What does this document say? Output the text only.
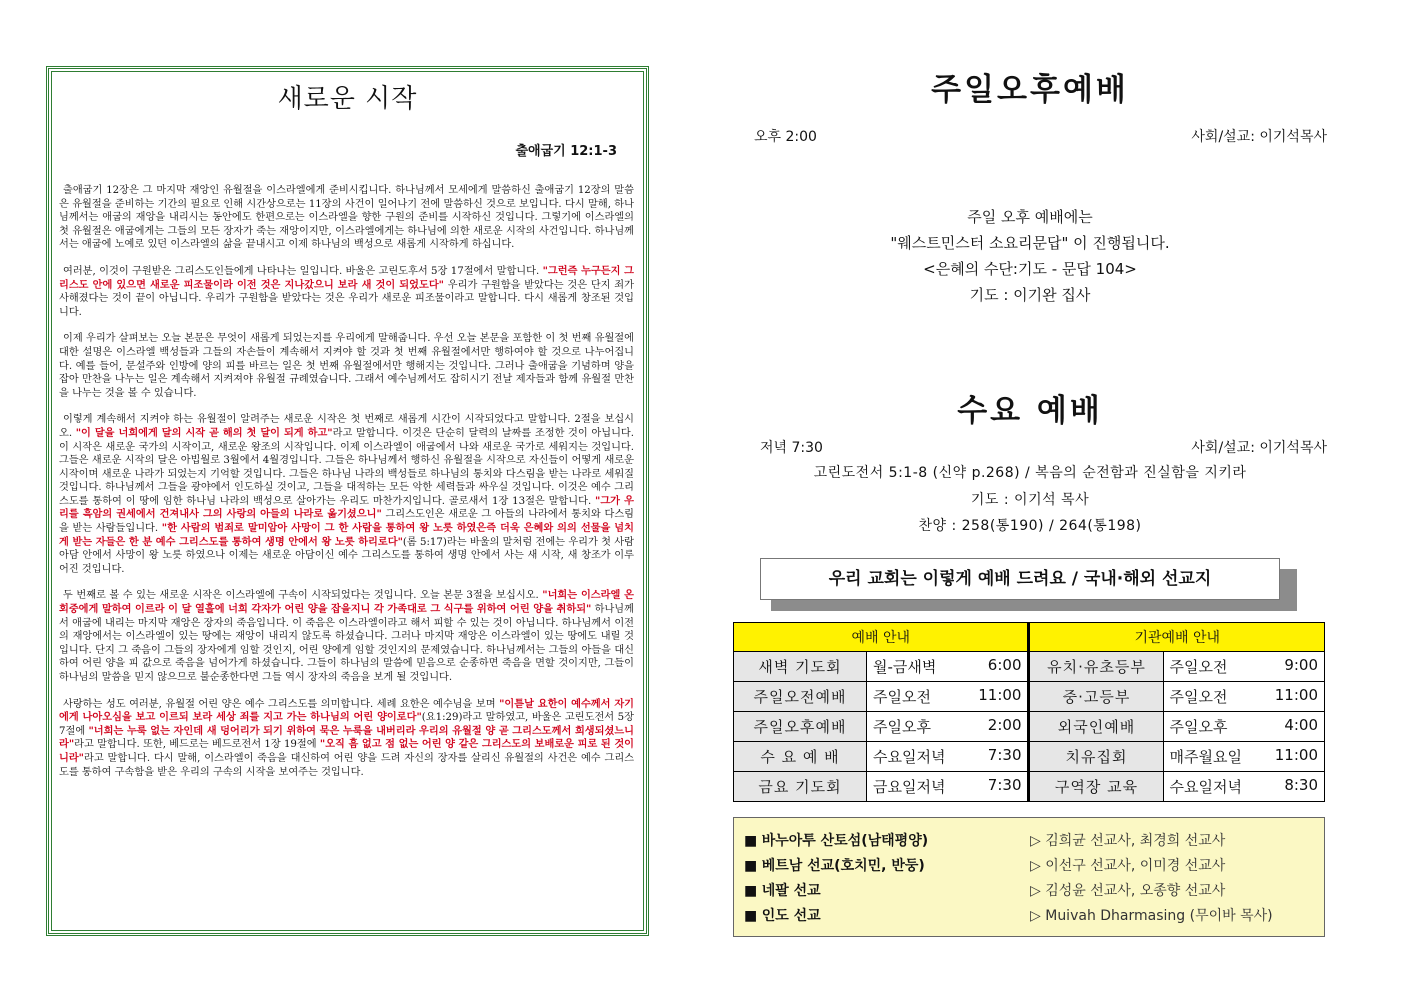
새로운 시작
출애굽기 12:1-3

출애굽기 12장은 그 마지막 재앙인 유월절을 이스라엘에게 준비시킵니다. 하나님께서 모세에게 말씀하신 출애굽기 12장의 말씀은 유월절을 준비하는 기간의 필요로 인해 시간상으로는 11장의 사건이 일어나기 전에 말씀하신 것으로 보입니다. 다시 말해, 하나님께서는 애굽의 재앙을 내리시는 동안에도 한편으로는 이스라엘을 향한 구원의 준비를 시작하신 것입니다. 그렇기에 이스라엘의 첫 유월절은 애굽에게는 그들의 모든 장자가 죽는 재앙이지만, 이스라엘에게는 하나님에 의한 새로운 시작의 사건입니다. 하나님께서는 애굽에 노예로 있던 이스라엘의 삶을 끝내시고 이제 하나님의 백성으로 새롭게 시작하게 하십니다.

여러분, 이것이 구원받은 그리스도인들에게 나타나는 일입니다. 바울은 고린도후서 5장 17절에서 말합니다. "그런즉 누구든지 그리스도 안에 있으면 새로운 피조물이라 이전 것은 지나갔으니 보라 새 것이 되었도다" 우리가 구원함을 받았다는 것은 단지 죄가 사해졌다는 것이 끝이 아닙니다. 우리가 구원함을 받았다는 것은 우리가 새로운 피조물이라고 말합니다. 다시 새롭게 창조된 것입니다.

이제 우리가 살펴보는 오늘 본문은 무엇이 새롭게 되었는지를 우리에게 말해줍니다. 우선 오늘 본문을 포함한 이 첫 번째 유월절에 대한 설명은 이스라엘 백성들과 그들의 자손들이 계속해서 지켜야 할 것과 첫 번째 유월절에서만 행하여야 할 것으로 나누어집니다. 예를 들어, 문설주와 인방에 양의 피를 바르는 일은 첫 번째 유월절에서만 행해지는 것입니다. 그러나 출애굽을 기념하며 양을 잡아 만찬을 나누는 일은 계속해서 지켜져야 유월절 규례였습니다. 그래서 예수님께서도 잡히시기 전날 제자들과 함께 유월절 만찬을 나누는 것을 볼 수 있습니다.

이렇게 계속해서 지켜야 하는 유월절이 알려주는 새로운 시작은 첫 번째로 새롭게 시간이 시작되었다고 말합니다. 2절을 보십시오. "이 달을 너희에게 달의 시작 곧 해의 첫 달이 되게 하고"라고 말합니다. 이것은 단순히 달력의 날짜를 조정한 것이 아닙니다. 이 시작은 새로운 국가의 시작이고, 새로운 왕조의 시작입니다. 이제 이스라엘이 애굽에서 나와 새로운 국가로 세워지는 것입니다. 그들은 새로운 시작의 달은 아빕월로 3월에서 4월경입니다. 그들은 하나님께서 행하신 유월절을 시작으로 자신들이 어떻게 새로운 시작이며 새로운 나라가 되었는지 기억할 것입니다. 그들은 하나님 나라의 백성들로 하나님의 통치와 다스림을 받는 나라로 세워질 것입니다. 하나님께서 그들을 광야에서 인도하실 것이고, 그들을 대적하는 모든 악한 세력들과 싸우실 것입니다. 이것은 예수 그리스도를 통하여 이 땅에 임한 하나님 나라의 백성으로 살아가는 우리도 마찬가지입니다. 골로새서 1장 13절은 말합니다. "그가 우리를 흑암의 권세에서 건져내사 그의 사랑의 아들의 나라로 옮기셨으니" 그리스도인은 새로운 그 아들의 나라에서 통치와 다스림을 받는 사람들입니다. "한 사람의 범죄로 말미암아 사망이 그 한 사람을 통하여 왕 노릇 하였은즉 더욱 은혜와 의의 선물을 넘치게 받는 자들은 한 분 예수 그리스도를 통하여 생명 안에서 왕 노릇 하리로다"(롬 5:17)라는 바울의 말처럼 전에는 우리가 첫 사람 아담 안에서 사망이 왕 노릇 하였으나 이제는 새로운 아담이신 예수 그리스도를 통하여 생명 안에서 사는 새 시작, 새 창조가 이루어진 것입니다.

두 번째로 볼 수 있는 새로운 시작은 이스라엘에 구속이 시작되었다는 것입니다. 오늘 본문 3절을 보십시오. "너희는 이스라엘 온 회중에게 말하여 이르라 이 달 열흘에 너희 각자가 어린 양을 잡을지니 각 가족대로 그 식구를 위하여 어린 양을 취하되" 하나님께서 애굽에 내리는 마지막 재앙은 장자의 죽음입니다. 이 죽음은 이스라엘이라고 해서 피할 수 있는 것이 아닙니다. 하나님께서 이전의 재앙에서는 이스라엘이 있는 땅에는 재앙이 내리지 않도록 하셨습니다. 그러나 마지막 재앙은 이스라엘이 있는 땅에도 내릴 것입니다. 단지 그 죽음이 그들의 장자에게 임할 것인지, 어린 양에게 임할 것인지의 문제였습니다. 하나님께서는 그들의 아들을 대신하여 어린 양을 피 값으로 죽음을 넘어가게 하셨습니다. 그들이 하나님의 말씀에 믿음으로 순종하면 죽음을 면할 것이지만, 그들이 하나님의 말씀을 믿지 않으므로 불순종한다면 그들 역시 장자의 죽음을 보게 될 것입니다.

사랑하는 성도 여러분, 유월절 어린 양은 예수 그리스도를 의미합니다. 세례 요한은 예수님을 보며 "이튿날 요한이 예수께서 자기에게 나아오심을 보고 이르되 보라 세상 죄를 지고 가는 하나님의 어린 양이로다"(요1:29)라고 말하였고, 바울은 고린도전서 5장 7절에 "너희는 누룩 없는 자인데 새 덩어리가 되기 위하여 묵은 누룩을 내버리라 우리의 유월절 양 곧 그리스도께서 희생되셨느니라"라고 말합니다. 또한, 베드로는 베드로전서 1장 19절에 "오직 흠 없고 점 없는 어린 양 같은 그리스도의 보배로운 피로 된 것이니라"라고 말합니다. 다시 말해, 이스라엘이 죽음을 대신하여 어린 양을 드려 자신의 장자를 살리신 유월절의 사건은 예수 그리스도를 통하여 구속함을 받은 우리의 구속의 시작을 보여주는 것입니다.

주일오후예배
오후 2:00	사회/설교: 이기석목사
주일 오후 예배에는
"웨스트민스터 소요리문답" 이 진행됩니다.
<은혜의 수단:기도 - 문답 104>
기도 : 이기완 집사
수요 예배
저녁 7:30	사회/설교: 이기석목사
고린도전서 5:1-8 (신약 p.268) / 복음의 순전함과 진실함을 지키라
기도 : 이기석 목사
찬양 : 258(통190) / 264(통198)
우리 교회는 이렇게 예배 드려요 / 국내·해외 선교지
예배 안내		기관예배 안내	
새벽 기도회	월-금새벽 6:00	유치·유초등부	주일오전 9:00

주일오전예배	주일오전 11:00	중·고등부	주일오전 11:00

주일오후예배	주일오후 2:00	외국인예배	주일오후 4:00

수 요 예 배	수요일저녁 7:30	치유집회	매주월요일 11:00

금요 기도회	금요일저녁 7:30	구역장 교육	수요일저녁 8:30
■ 바누아투 산토섬(남태평양)	▷ 김희균 선교사, 최경희 선교사
■ 베트남 선교(호치민, 반둥)	▷ 이선구 선교사, 이미경 선교사
■ 네팔 선교	▷ 김성윤 선교사, 오종향 선교사
■ 인도 선교	▷ Muivah Dharmasing (무이바 목사)
